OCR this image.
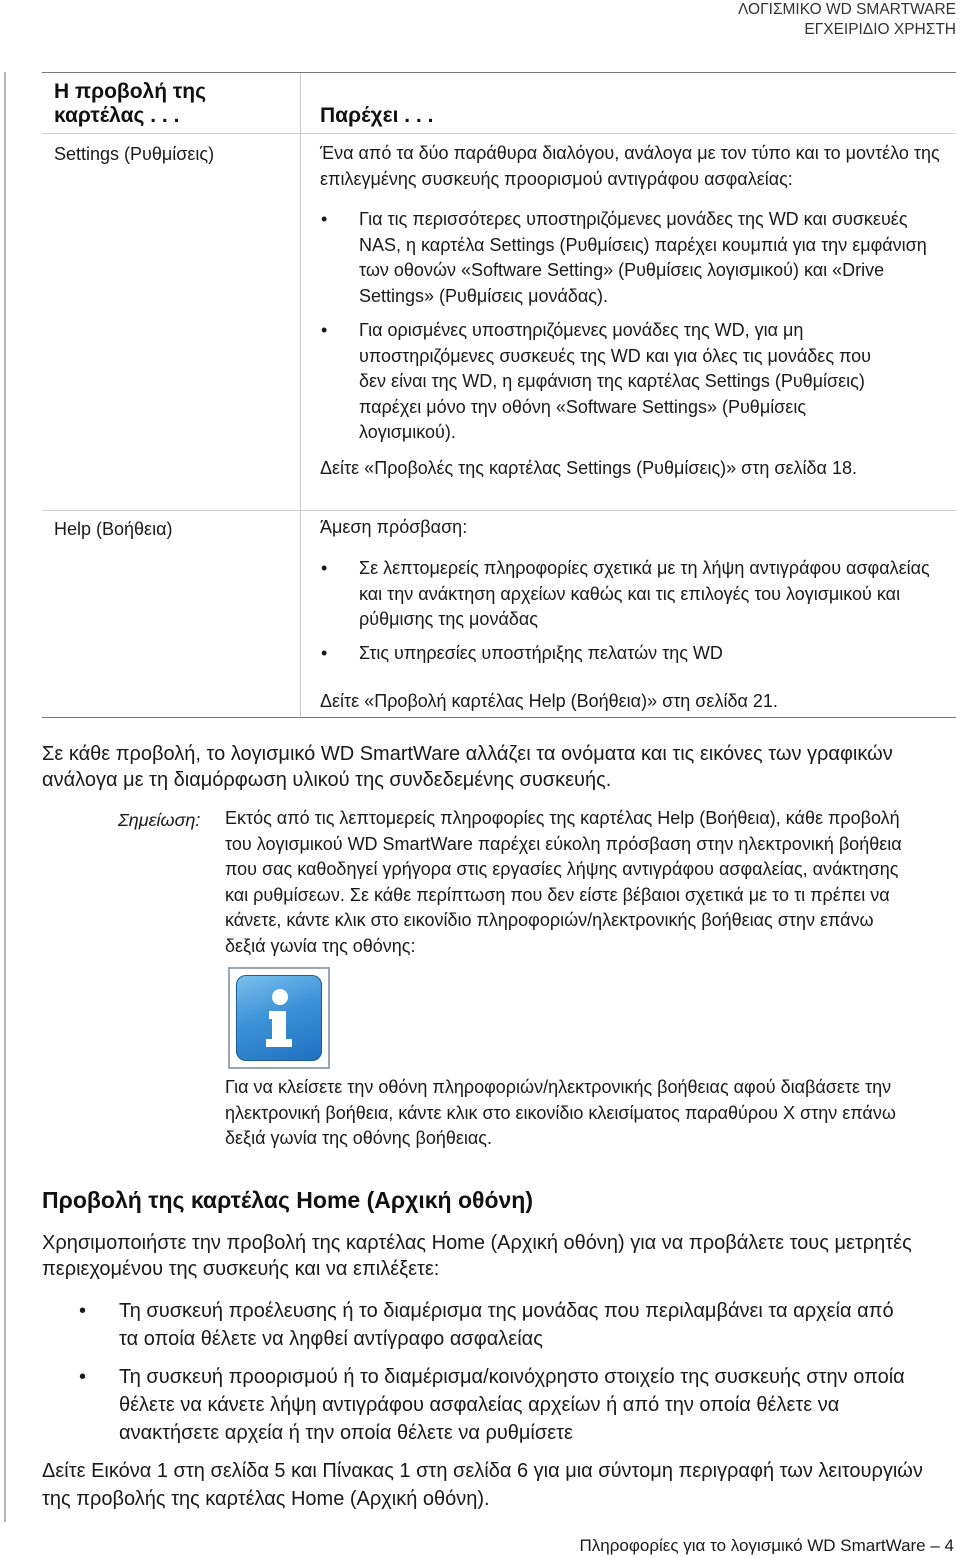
ΛΟΓΙΣΜΙΚΟ WD SMARTWARE
ΕΓΧΕΙΡΙΔΙΟ ΧΡΗΣΤΗ
Η προβολή της καρτέλας . . .	Παρέχει . . .
Settings (Ρυθμίσεις)	Ένα από τα δύο παράθυρα διαλόγου, ανάλογα με τον τύπο και το μοντέλο της επιλεγμένης συσκευής προορισμού αντιγράφου ασφαλείας:
• Για τις περισσότερες υποστηριζόμενες μονάδες της WD και συσκευές NAS, η καρτέλα Settings (Ρυθμίσεις) παρέχει κουμπιά για την εμφάνιση των οθονών «Software Setting» (Ρυθμίσεις λογισμικού) και «Drive Settings» (Ρυθμίσεις μονάδας).
• Για ορισμένες υποστηριζόμενες μονάδες της WD, για μη υποστηριζόμενες συσκευές της WD και για όλες τις μονάδες που δεν είναι της WD, η εμφάνιση της καρτέλας Settings (Ρυθμίσεις) παρέχει μόνο την οθόνη «Software Settings» (Ρυθμίσεις λογισμικού).
Δείτε «Προβολές της καρτέλας Settings (Ρυθμίσεις)» στη σελίδα 18.
Help (Βοήθεια)	Άμεση πρόσβαση:
• Σε λεπτομερείς πληροφορίες σχετικά με τη λήψη αντιγράφου ασφαλείας και την ανάκτηση αρχείων καθώς και τις επιλογές του λογισμικού και ρύθμισης της μονάδας
• Στις υπηρεσίες υποστήριξης πελατών της WD
Δείτε «Προβολή καρτέλας Help (Βοήθεια)» στη σελίδα 21.
Σε κάθε προβολή, το λογισμικό WD SmartWare αλλάζει τα ονόματα και τις εικόνες των γραφικών ανάλογα με τη διαμόρφωση υλικού της συνδεδεμένης συσκευής.
Σημείωση: Εκτός από τις λεπτομερείς πληροφορίες της καρτέλας Help (Βοήθεια), κάθε προβολή του λογισμικού WD SmartWare παρέχει εύκολη πρόσβαση στην ηλεκτρονική βοήθεια που σας καθοδηγεί γρήγορα στις εργασίες λήψης αντιγράφου ασφαλείας, ανάκτησης και ρυθμίσεων. Σε κάθε περίπτωση που δεν είστε βέβαιοι σχετικά με το τι πρέπει να κάνετε, κάντε κλικ στο εικονίδιο πληροφοριών/ηλεκτρονικής βοήθειας στην επάνω δεξιά γωνία της οθόνης:
Για να κλείσετε την οθόνη πληροφοριών/ηλεκτρονικής βοήθειας αφού διαβάσετε την ηλεκτρονική βοήθεια, κάντε κλικ στο εικονίδιο κλεισίματος παραθύρου X στην επάνω δεξιά γωνία της οθόνης βοήθειας.
Προβολή της καρτέλας Home (Αρχική οθόνη)
Χρησιμοποιήστε την προβολή της καρτέλας Home (Αρχική οθόνη) για να προβάλετε τους μετρητές περιεχομένου της συσκευής και να επιλέξετε:
• Τη συσκευή προέλευσης ή το διαμέρισμα της μονάδας που περιλαμβάνει τα αρχεία από τα οποία θέλετε να ληφθεί αντίγραφο ασφαλείας
• Τη συσκευή προορισμού ή το διαμέρισμα/κοινόχρηστο στοιχείο της συσκευής στην οποία θέλετε να κάνετε λήψη αντιγράφου ασφαλείας αρχείων ή από την οποία θέλετε να ανακτήσετε αρχεία ή την οποία θέλετε να ρυθμίσετε
Δείτε Εικόνα 1 στη σελίδα 5 και Πίνακας 1 στη σελίδα 6 για μια σύντομη περιγραφή των λειτουργιών της προβολής της καρτέλας Home (Αρχική οθόνη).
Πληροφορίες για το λογισμικό WD SmartWare – 4
